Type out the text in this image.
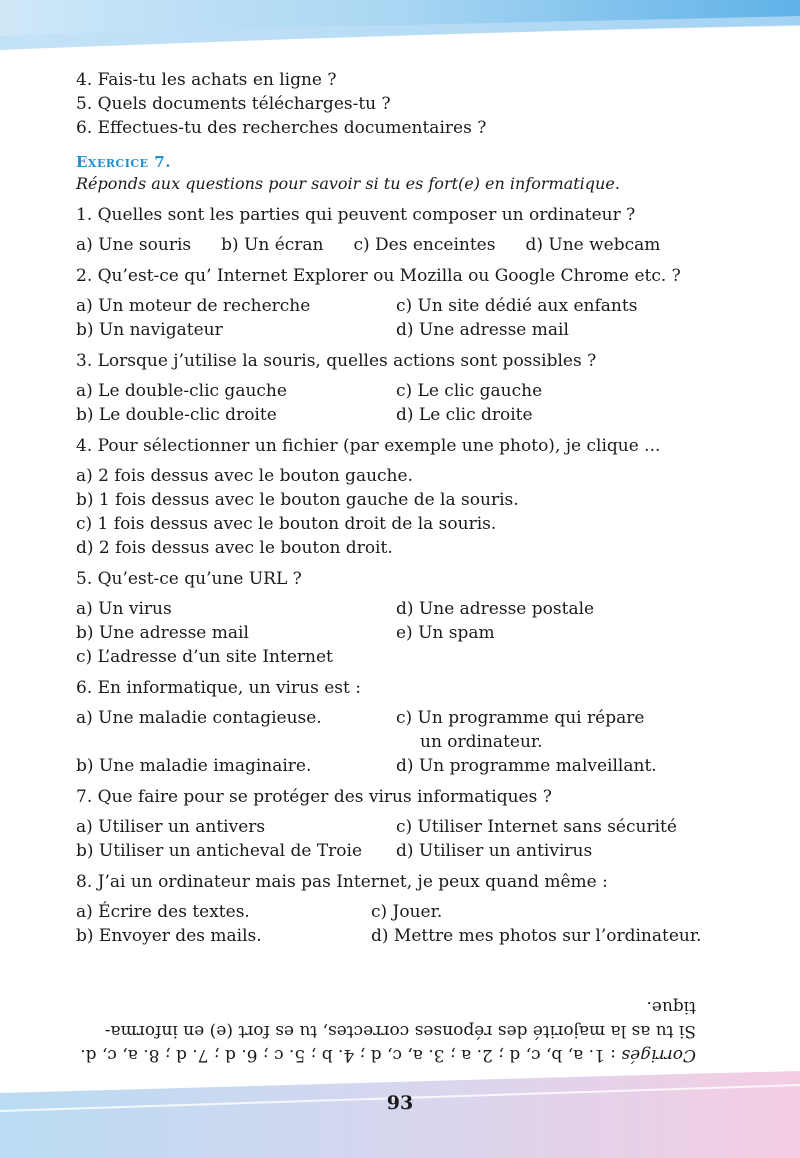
4. Fais-tu les achats en ligne ?
5. Quels documents télécharges-tu ?
6. Effectues-tu des recherches documentaires ?
Exercice 7.
Réponds aux questions pour savoir si tu es fort(e) en informatique.
1. Quelles sont les parties qui peuvent composer un ordinateur ?
a) Une souris b) Un écran c) Des enceintes d) Une webcam
2. Qu’est-ce qu’ Internet Explorer ou Mozilla ou Google Chrome etc. ?
a) Un moteur de recherche	c) Un site dédié aux enfants
b) Un navigateur	d) Une adresse mail
3. Lorsque j’utilise la souris, quelles actions sont possibles ?
a) Le double-clic gauche	c) Le clic gauche
b) Le double-clic droite	d) Le clic droite
4. Pour sélectionner un fichier (par exemple une photo), je clique ...
a) 2 fois dessus avec le bouton gauche.
b) 1 fois dessus avec le bouton gauche de la souris.
c) 1 fois dessus avec le bouton droit de la souris.
d) 2 fois dessus avec le bouton droit.
5. Qu’est-ce qu’une URL ?
a) Un virus	d) Une adresse postale
b) Une adresse mail	e) Un spam
c) L’adresse d’un site Internet
6. En informatique, un virus est :
a) Une maladie contagieuse.	c) Un programme qui répare
un ordinateur.
b) Une maladie imaginaire.	d) Un programme malveillant.
7. Que faire pour se protéger des virus informatiques ?
a) Utiliser un antivers	c) Utiliser Internet sans sécurité
b) Utiliser un anticheval de Troie	d) Utiliser un antivirus
8. J’ai un ordinateur mais pas Internet, je peux quand même :
a) Écrire des textes.	c) Jouer.
b) Envoyer des mails.	d) Mettre mes photos sur l’ordinateur.
Corrigés : 1. a, b, c, d ; 2. a ; 3. a, c, d ; 4. b ; 5. c ; 6. d ; 7. d ; 8. a, c, d.
Si tu as la majorité des réponses correctes, tu es fort (e) en informa-
tique.
93
